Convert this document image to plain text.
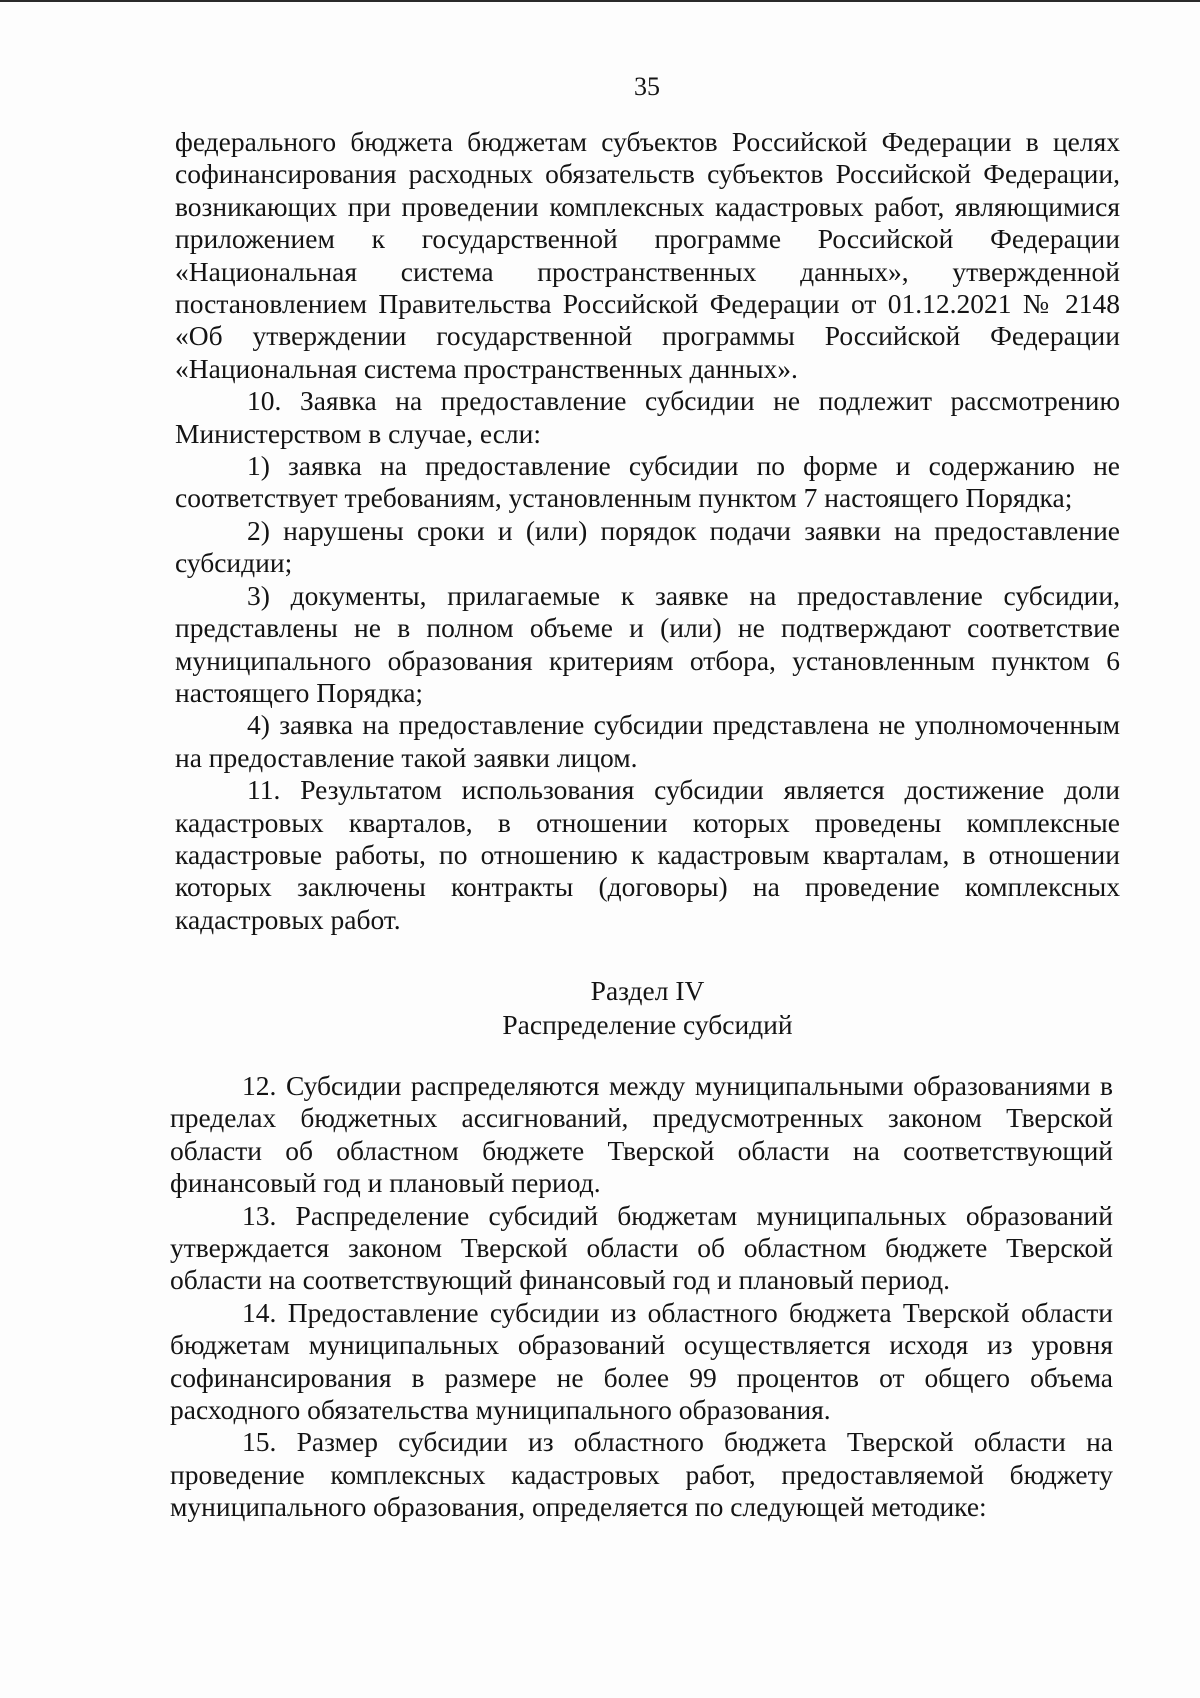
35

федерального бюджета бюджетам субъектов Российской Федерации в целях софинансирования расходных обязательств субъектов Российской Федерации, возникающих при проведении комплексных кадастровых работ, являющимися приложением к государственной программе Российской Федерации «Национальная система пространственных данных», утвержденной постановлением Правительства Российской Федерации от 01.12.2021 № 2148 «Об утверждении государственной программы Российской Федерации «Национальная система пространственных данных».

10. Заявка на предоставление субсидии не подлежит рассмотрению Министерством в случае, если:

1) заявка на предоставление субсидии по форме и содержанию не соответствует требованиям, установленным пунктом 7 настоящего Порядка;

2) нарушены сроки и (или) порядок подачи заявки на предоставление субсидии;

3) документы, прилагаемые к заявке на предоставление субсидии, представлены не в полном объеме и (или) не подтверждают соответствие муниципального образования критериям отбора, установленным пунктом 6 настоящего Порядка;

4) заявка на предоставление субсидии представлена не уполномоченным на предоставление такой заявки лицом.

11. Результатом использования субсидии является достижение доли кадастровых кварталов, в отношении которых проведены комплексные кадастровые работы, по отношению к кадастровым кварталам, в отношении которых заключены контракты (договоры) на проведение комплексных кадастровых работ.

Раздел IV
Распределение субсидий

12. Субсидии распределяются между муниципальными образованиями в пределах бюджетных ассигнований, предусмотренных законом Тверской области об областном бюджете Тверской области на соответствующий финансовый год и плановый период.

13. Распределение субсидий бюджетам муниципальных образований утверждается законом Тверской области об областном бюджете Тверской области на соответствующий финансовый год и плановый период.

14. Предоставление субсидии из областного бюджета Тверской области бюджетам муниципальных образований осуществляется исходя из уровня софинансирования в размере не более 99 процентов от общего объема расходного обязательства муниципального образования.

15. Размер субсидии из областного бюджета Тверской области на проведение комплексных кадастровых работ, предоставляемой бюджету муниципального образования, определяется по следующей методике:
